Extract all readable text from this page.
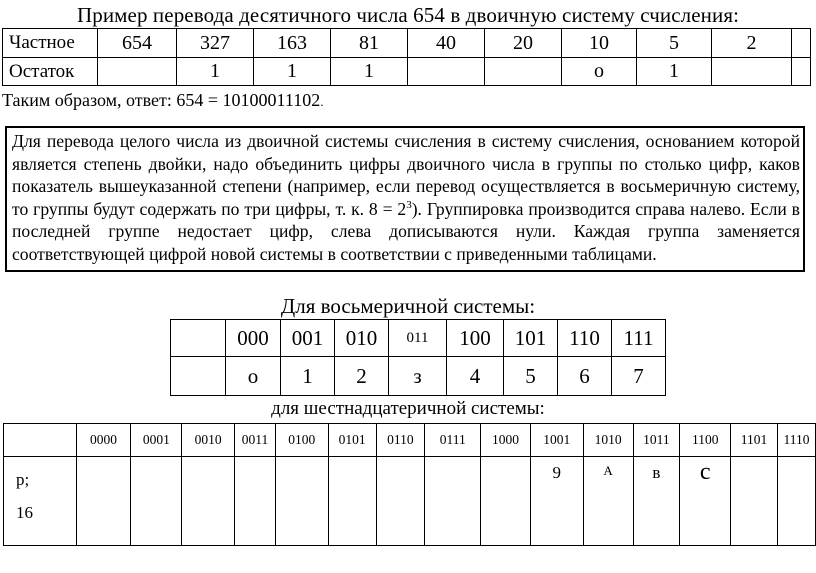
Пример перевода десятичного числа 654 в двоичную систему счисления:
Частное	654	327	163	81	40	20	10	5	2	
Остаток		1	1	1			о	1		
Таким образом, ответ: 654 = 10100011102.
Для перевода целого числа из двоичной системы счисления в систему счисления, основанием которой является степень двойки, надо объединить цифры двоичного числа в группы по столько цифр, каков показатель вышеуказанной степени (например, если перевод осуществляется в восьмеричную систему, то группы будут содержать по три цифры, т. к. $8 = 2^3$). Группировка производится справа налево. Если в последней группе недостает цифр, слева дописываются нули. Каждая группа заменяется соответствующей цифрой новой системы в соответствии с приведенными таблицами.
Для восьмеричной системы:
	000	001	010	011	100	101	110	111
	о	1	2	з	4	5	6	7
для шестнадцатеричной системы:
	0000	0001	0010	0011	0100	0101	0110	0111	1000	1001	1010	1011	1100	1101	1110
р;
16										9	А	в	с		
